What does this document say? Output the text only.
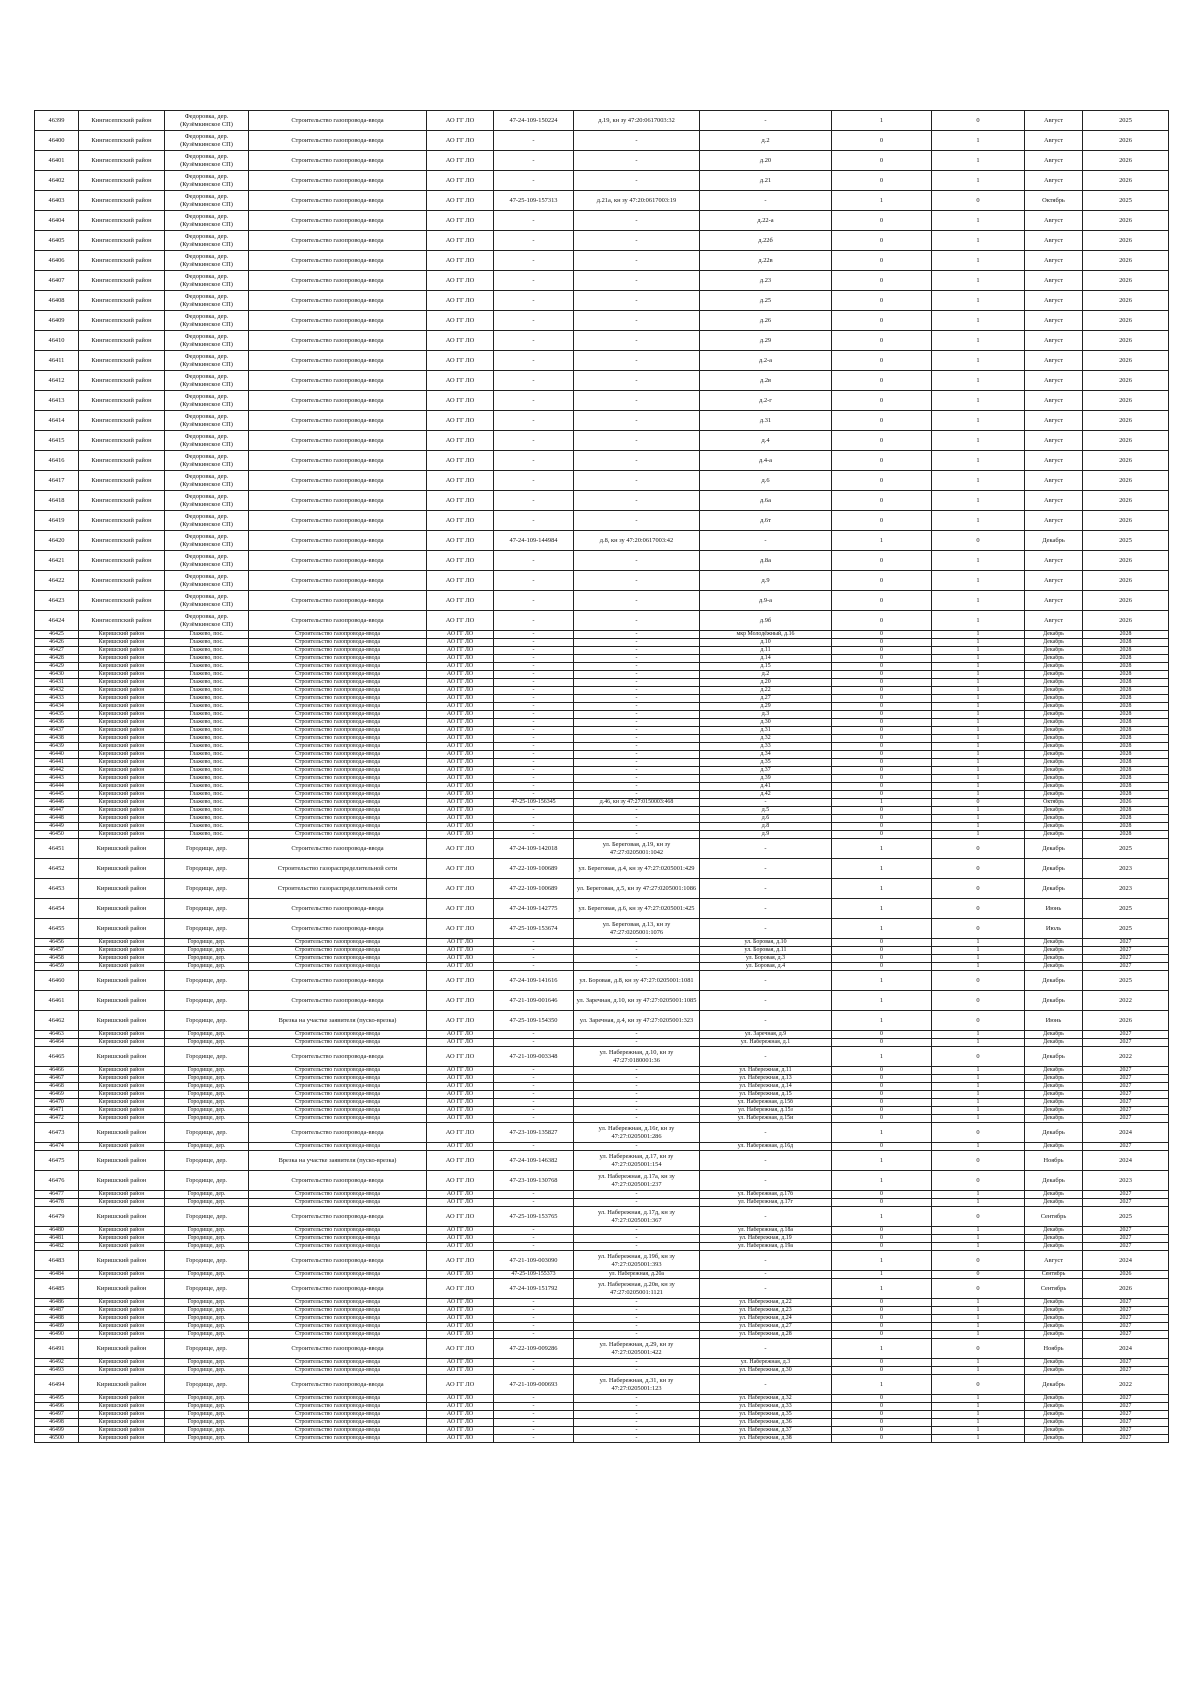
46399	Кингисеппский район	Федоровка, дер. (Кузёмкинское СП)	Строительство газопровода-ввода	АО ГГ ЛО	47-24-109-150224	д.19, кн зу 47:20:0617003:32	-	1	0	Август	2025
46400	Кингисеппский район	Федоровка, дер. (Кузёмкинское СП)	Строительство газопровода-ввода	АО ГГ ЛО	-	-	д.2	0	1	Август	2026
46401	Кингисеппский район	Федоровка, дер. (Кузёмкинское СП)	Строительство газопровода-ввода	АО ГГ ЛО	-	-	д.20	0	1	Август	2026
46402	Кингисеппский район	Федоровка, дер. (Кузёмкинское СП)	Строительство газопровода-ввода	АО ГГ ЛО	-	-	д.21	0	1	Август	2026
46403	Кингисеппский район	Федоровка, дер. (Кузёмкинское СП)	Строительство газопровода-ввода	АО ГГ ЛО	47-25-109-157313	д.21а, кн зу 47:20:0617003:19	-	1	0	Октябрь	2025
46404	Кингисеппский район	Федоровка, дер. (Кузёмкинское СП)	Строительство газопровода-ввода	АО ГГ ЛО	-	-	д.22-а	0	1	Август	2026
46405	Кингисеппский район	Федоровка, дер. (Кузёмкинское СП)	Строительство газопровода-ввода	АО ГГ ЛО	-	-	д.22б	0	1	Август	2026
46406	Кингисеппский район	Федоровка, дер. (Кузёмкинское СП)	Строительство газопровода-ввода	АО ГГ ЛО	-	-	д.22в	0	1	Август	2026
46407	Кингисеппский район	Федоровка, дер. (Кузёмкинское СП)	Строительство газопровода-ввода	АО ГГ ЛО	-	-	д.23	0	1	Август	2026
46408	Кингисеппский район	Федоровка, дер. (Кузёмкинское СП)	Строительство газопровода-ввода	АО ГГ ЛО	-	-	д.25	0	1	Август	2026
46409	Кингисеппский район	Федоровка, дер. (Кузёмкинское СП)	Строительство газопровода-ввода	АО ГГ ЛО	-	-	д.26	0	1	Август	2026
46410	Кингисеппский район	Федоровка, дер. (Кузёмкинское СП)	Строительство газопровода-ввода	АО ГГ ЛО	-	-	д.29	0	1	Август	2026
46411	Кингисеппский район	Федоровка, дер. (Кузёмкинское СП)	Строительство газопровода-ввода	АО ГГ ЛО	-	-	д.2-а	0	1	Август	2026
46412	Кингисеппский район	Федоровка, дер. (Кузёмкинское СП)	Строительство газопровода-ввода	АО ГГ ЛО	-	-	д.2в	0	1	Август	2026
46413	Кингисеппский район	Федоровка, дер. (Кузёмкинское СП)	Строительство газопровода-ввода	АО ГГ ЛО	-	-	д.2-г	0	1	Август	2026
46414	Кингисеппский район	Федоровка, дер. (Кузёмкинское СП)	Строительство газопровода-ввода	АО ГГ ЛО	-	-	д.31	0	1	Август	2026
46415	Кингисеппский район	Федоровка, дер. (Кузёмкинское СП)	Строительство газопровода-ввода	АО ГГ ЛО	-	-	д.4	0	1	Август	2026
46416	Кингисеппский район	Федоровка, дер. (Кузёмкинское СП)	Строительство газопровода-ввода	АО ГГ ЛО	-	-	д.4-а	0	1	Август	2026
46417	Кингисеппский район	Федоровка, дер. (Кузёмкинское СП)	Строительство газопровода-ввода	АО ГГ ЛО	-	-	д.6	0	1	Август	2026
46418	Кингисеппский район	Федоровка, дер. (Кузёмкинское СП)	Строительство газопровода-ввода	АО ГГ ЛО	-	-	д.6а	0	1	Август	2026
46419	Кингисеппский район	Федоровка, дер. (Кузёмкинское СП)	Строительство газопровода-ввода	АО ГГ ЛО	-	-	д.6т	0	1	Август	2026
46420	Кингисеппский район	Федоровка, дер. (Кузёмкинское СП)	Строительство газопровода-ввода	АО ГГ ЛО	47-24-109-144984	д.8, кн зу 47:20:0617003:42	-	1	0	Декабрь	2025
46421	Кингисеппский район	Федоровка, дер. (Кузёмкинское СП)	Строительство газопровода-ввода	АО ГГ ЛО	-	-	д.8а	0	1	Август	2026
46422	Кингисеппский район	Федоровка, дер. (Кузёмкинское СП)	Строительство газопровода-ввода	АО ГГ ЛО	-	-	д.9	0	1	Август	2026
46423	Кингисеппский район	Федоровка, дер. (Кузёмкинское СП)	Строительство газопровода-ввода	АО ГГ ЛО	-	-	д.9-а	0	1	Август	2026
46424	Кингисеппский район	Федоровка, дер. (Кузёмкинское СП)	Строительство газопровода-ввода	АО ГГ ЛО	-	-	д.9б	0	1	Август	2026
46425	Киришский район	Глажево, пос.	Строительство газопровода-ввода	АО ГГ ЛО	-	-	мкр Молодёжный, д.16	0	1	Декабрь	2028
46426	Киришский район	Глажево, пос.	Строительство газопровода-ввода	АО ГГ ЛО	-	-	д.10	0	1	Декабрь	2028
46427	Киришский район	Глажево, пос.	Строительство газопровода-ввода	АО ГГ ЛО	-	-	д.11	0	1	Декабрь	2028
46428	Киришский район	Глажево, пос.	Строительство газопровода-ввода	АО ГГ ЛО	-	-	д.14	0	1	Декабрь	2028
46429	Киришский район	Глажево, пос.	Строительство газопровода-ввода	АО ГГ ЛО	-	-	д.15	0	1	Декабрь	2028
46430	Киришский район	Глажево, пос.	Строительство газопровода-ввода	АО ГГ ЛО	-	-	д.2	0	1	Декабрь	2028
46431	Киришский район	Глажево, пос.	Строительство газопровода-ввода	АО ГГ ЛО	-	-	д.20	0	1	Декабрь	2028
46432	Киришский район	Глажево, пос.	Строительство газопровода-ввода	АО ГГ ЛО	-	-	д.22	0	1	Декабрь	2028
46433	Киришский район	Глажево, пос.	Строительство газопровода-ввода	АО ГГ ЛО	-	-	д.27	0	1	Декабрь	2028
46434	Киришский район	Глажево, пос.	Строительство газопровода-ввода	АО ГГ ЛО	-	-	д.29	0	1	Декабрь	2028
46435	Киришский район	Глажево, пос.	Строительство газопровода-ввода	АО ГГ ЛО	-	-	д.3	0	1	Декабрь	2028
46436	Киришский район	Глажево, пос.	Строительство газопровода-ввода	АО ГГ ЛО	-	-	д.30	0	1	Декабрь	2028
46437	Киришский район	Глажево, пос.	Строительство газопровода-ввода	АО ГГ ЛО	-	-	д.31	0	1	Декабрь	2028
46438	Киришский район	Глажево, пос.	Строительство газопровода-ввода	АО ГГ ЛО	-	-	д.32	0	1	Декабрь	2028
46439	Киришский район	Глажево, пос.	Строительство газопровода-ввода	АО ГГ ЛО	-	-	д.33	0	1	Декабрь	2028
46440	Киришский район	Глажево, пос.	Строительство газопровода-ввода	АО ГГ ЛО	-	-	д.34	0	1	Декабрь	2028
46441	Киришский район	Глажево, пос.	Строительство газопровода-ввода	АО ГГ ЛО	-	-	д.35	0	1	Декабрь	2028
46442	Киришский район	Глажево, пос.	Строительство газопровода-ввода	АО ГГ ЛО	-	-	д.37	0	1	Декабрь	2028
46443	Киришский район	Глажево, пос.	Строительство газопровода-ввода	АО ГГ ЛО	-	-	д.39	0	1	Декабрь	2028
46444	Киришский район	Глажево, пос.	Строительство газопровода-ввода	АО ГГ ЛО	-	-	д.41	0	1	Декабрь	2028
46445	Киришский район	Глажево, пос.	Строительство газопровода-ввода	АО ГГ ЛО	-	-	д.42	0	1	Декабрь	2028
46446	Киришский район	Глажево, пос.	Строительство газопровода-ввода	АО ГГ ЛО	47-25-109-156345	д.46, кн зу 47:27:0150003:468	-	1	0	Октябрь	2026
46447	Киришский район	Глажево, пос.	Строительство газопровода-ввода	АО ГГ ЛО	-	-	д.5	0	1	Декабрь	2028
46448	Киришский район	Глажево, пос.	Строительство газопровода-ввода	АО ГГ ЛО	-	-	д.6	0	1	Декабрь	2028
46449	Киришский район	Глажево, пос.	Строительство газопровода-ввода	АО ГГ ЛО	-	-	д.8	0	1	Декабрь	2028
46450	Киришский район	Глажево, пос.	Строительство газопровода-ввода	АО ГГ ЛО	-	-	д.9	0	1	Декабрь	2028
46451	Киришский район	Городище, дер.	Строительство газопровода-ввода	АО ГГ ЛО	47-24-109-142018	ул. Береговая, д.19, кн зу 47:27:0205001:1042	-	1	0	Декабрь	2025
46452	Киришский район	Городище, дер.	Строительство газораспределительной сети	АО ГГ ЛО	47-22-109-100689	ул. Береговая, д.4, кн зу 47:27:0205001:429	-	1	0	Декабрь	2023
46453	Киришский район	Городище, дер.	Строительство газораспределительной сети	АО ГГ ЛО	47-22-109-100689	ул. Береговая, д.5, кн зу 47:27:0205001:1086	-	1	0	Декабрь	2023
46454	Киришский район	Городище, дер.	Строительство газопровода-ввода	АО ГГ ЛО	47-24-109-142775	ул. Береговая, д.6, кн зу 47:27:0205001:425	-	1	0	Июнь	2025
46455	Киришский район	Городище, дер.	Строительство газопровода-ввода	АО ГГ ЛО	47-25-109-153674	ул. Береговая, д.13, кн зу 47:27:0205001:1076	-	1	0	Июль	2025
46456	Киришский район	Городище, дер.	Строительство газопровода-ввода	АО ГГ ЛО	-	-	ул. Боровая, д.10	0	1	Декабрь	2027
46457	Киришский район	Городище, дер.	Строительство газопровода-ввода	АО ГГ ЛО	-	-	ул. Боровая, д.11	0	1	Декабрь	2027
46458	Киришский район	Городище, дер.	Строительство газопровода-ввода	АО ГГ ЛО	-	-	ул. Боровая, д.3	0	1	Декабрь	2027
46459	Киришский район	Городище, дер.	Строительство газопровода-ввода	АО ГГ ЛО	-	-	ул. Боровая, д.4	0	1	Декабрь	2027
46460	Киришский район	Городище, дер.	Строительство газопровода-ввода	АО ГГ ЛО	47-24-109-141616	ул. Боровая, д.8, кн зу 47:27:0205001:1081	-	1	0	Декабрь	2025
46461	Киришский район	Городище, дер.	Строительство газопровода-ввода	АО ГГ ЛО	47-21-109-001646	ул. Заречная, д.10, кн зу 47:27:0205001:1085	-	1	0	Декабрь	2022
46462	Киришский район	Городище, дер.	Врезка на участке заявителя (пуско-врезка)	АО ГГ ЛО	47-25-109-154350	ул. Заречная, д.4, кн зу 47:27:0205001:323	-	1	0	Июнь	2026
46463	Киришский район	Городище, дер.	Строительство газопровода-ввода	АО ГГ ЛО	-	-	ул. Заречная, д.9	0	1	Декабрь	2027
46464	Киришский район	Городище, дер.	Строительство газопровода-ввода	АО ГГ ЛО	-	-	ул. Набережная, д.1	0	1	Декабрь	2027
46465	Киришский район	Городище, дер.	Строительство газопровода-ввода	АО ГГ ЛО	47-21-109-003348	ул. Набережная, д.10, кн зу 47:27:0180001:36	-	1	0	Декабрь	2022
46466	Киришский район	Городище, дер.	Строительство газопровода-ввода	АО ГГ ЛО	-	-	ул. Набережная, д.11	0	1	Декабрь	2027
46467	Киришский район	Городище, дер.	Строительство газопровода-ввода	АО ГГ ЛО	-	-	ул. Набережная, д.13	0	1	Декабрь	2027
46468	Киришский район	Городище, дер.	Строительство газопровода-ввода	АО ГГ ЛО	-	-	ул. Набережная, д.14	0	1	Декабрь	2027
46469	Киришский район	Городище, дер.	Строительство газопровода-ввода	АО ГГ ЛО	-	-	ул. Набережная, д.15	0	1	Декабрь	2027
46470	Киришский район	Городище, дер.	Строительство газопровода-ввода	АО ГГ ЛО	-	-	ул. Набережная, д.15б	0	1	Декабрь	2027
46471	Киришский район	Городище, дер.	Строительство газопровода-ввода	АО ГГ ЛО	-	-	ул. Набережная, д.15з	0	1	Декабрь	2027
46472	Киришский район	Городище, дер.	Строительство газопровода-ввода	АО ГГ ЛО	-	-	ул. Набережная, д.15и	0	1	Декабрь	2027
46473	Киришский район	Городище, дер.	Строительство газопровода-ввода	АО ГГ ЛО	47-23-109-135827	ул. Набережная, д.16г, кн зу 47:27:0205001:286	-	1	0	Декабрь	2024
46474	Киришский район	Городище, дер.	Строительство газопровода-ввода	АО ГГ ЛО	-	-	ул. Набережная, д.16д	0	1	Декабрь	2027
46475	Киришский район	Городище, дер.	Врезка на участке заявителя (пуско-врезка)	АО ГГ ЛО	47-24-109-146382	ул. Набережная, д.17, кн зу 47:27:0205001:154	-	1	0	Ноябрь	2024
46476	Киришский район	Городище, дер.	Строительство газопровода-ввода	АО ГГ ЛО	47-23-109-130768	ул. Набережная, д.17а, кн зу 47:27:0205001:237	-	1	0	Декабрь	2023
46477	Киришский район	Городище, дер.	Строительство газопровода-ввода	АО ГГ ЛО	-	-	ул. Набережная, д.17б	0	1	Декабрь	2027
46478	Киришский район	Городище, дер.	Строительство газопровода-ввода	АО ГГ ЛО	-	-	ул. Набережная, д.17г	0	1	Декабрь	2027
46479	Киришский район	Городище, дер.	Строительство газопровода-ввода	АО ГГ ЛО	47-25-109-153765	ул. Набережная, д.17д, кн зу 47:27:0205001:367	-	1	0	Сентябрь	2025
46480	Киришский район	Городище, дер.	Строительство газопровода-ввода	АО ГГ ЛО	-	-	ул. Набережная, д.18а	0	1	Декабрь	2027
46481	Киришский район	Городище, дер.	Строительство газопровода-ввода	АО ГГ ЛО	-	-	ул. Набережная, д.19	0	1	Декабрь	2027
46482	Киришский район	Городище, дер.	Строительство газопровода-ввода	АО ГГ ЛО	-	-	ул. Набережная, д.19а	0	1	Декабрь	2027
46483	Киришский район	Городище, дер.	Строительство газопровода-ввода	АО ГГ ЛО	47-21-109-003090	ул. Набережная, д.19б, кн зу 47:27:0205001:393	-	1	0	Август	2024
46484	Киришский район	Городище, дер.	Строительство газопровода-ввода	АО ГГ ЛО	47-25-109-155373	ул. Набережная, д.20а	-	1	0	Сентябрь	2026
46485	Киришский район	Городище, дер.	Строительство газопровода-ввода	АО ГГ ЛО	47-24-109-151792	ул. Набережная, д.20в, кн зу 47:27:0205001:1121	-	1	0	Сентябрь	2026
46486	Киришский район	Городище, дер.	Строительство газопровода-ввода	АО ГГ ЛО	-	-	ул. Набережная, д.22	0	1	Декабрь	2027
46487	Киришский район	Городище, дер.	Строительство газопровода-ввода	АО ГГ ЛО	-	-	ул. Набережная, д.23	0	1	Декабрь	2027
46488	Киришский район	Городище, дер.	Строительство газопровода-ввода	АО ГГ ЛО	-	-	ул. Набережная, д.24	0	1	Декабрь	2027
46489	Киришский район	Городище, дер.	Строительство газопровода-ввода	АО ГГ ЛО	-	-	ул. Набережная, д.27	0	1	Декабрь	2027
46490	Киришский район	Городище, дер.	Строительство газопровода-ввода	АО ГГ ЛО	-	-	ул. Набережная, д.28	0	1	Декабрь	2027
46491	Киришский район	Городище, дер.	Строительство газопровода-ввода	АО ГГ ЛО	47-22-109-009286	ул. Набережная, д.29, кн зу 47:27:0205001:422	-	1	0	Ноябрь	2024
46492	Киришский район	Городище, дер.	Строительство газопровода-ввода	АО ГГ ЛО	-	-	ул. Набережная, д.3	0	1	Декабрь	2027
46493	Киришский район	Городище, дер.	Строительство газопровода-ввода	АО ГГ ЛО	-	-	ул. Набережная, д.30	0	1	Декабрь	2027
46494	Киришский район	Городище, дер.	Строительство газопровода-ввода	АО ГГ ЛО	47-21-109-000693	ул. Набережная, д.31, кн зу 47:27:0205001:123	-	1	0	Декабрь	2022
46495	Киришский район	Городище, дер.	Строительство газопровода-ввода	АО ГГ ЛО	-	-	ул. Набережная, д.32	0	1	Декабрь	2027
46496	Киришский район	Городище, дер.	Строительство газопровода-ввода	АО ГГ ЛО	-	-	ул. Набережная, д.33	0	1	Декабрь	2027
46497	Киришский район	Городище, дер.	Строительство газопровода-ввода	АО ГГ ЛО	-	-	ул. Набережная, д.35	0	1	Декабрь	2027
46498	Киришский район	Городище, дер.	Строительство газопровода-ввода	АО ГГ ЛО	-	-	ул. Набережная, д.36	0	1	Декабрь	2027
46499	Киришский район	Городище, дер.	Строительство газопровода-ввода	АО ГГ ЛО	-	-	ул. Набережная, д.37	0	1	Декабрь	2027
46500	Киришский район	Городище, дер.	Строительство газопровода-ввода	АО ГГ ЛО	-	-	ул. Набережная, д.38	0	1	Декабрь	2027
